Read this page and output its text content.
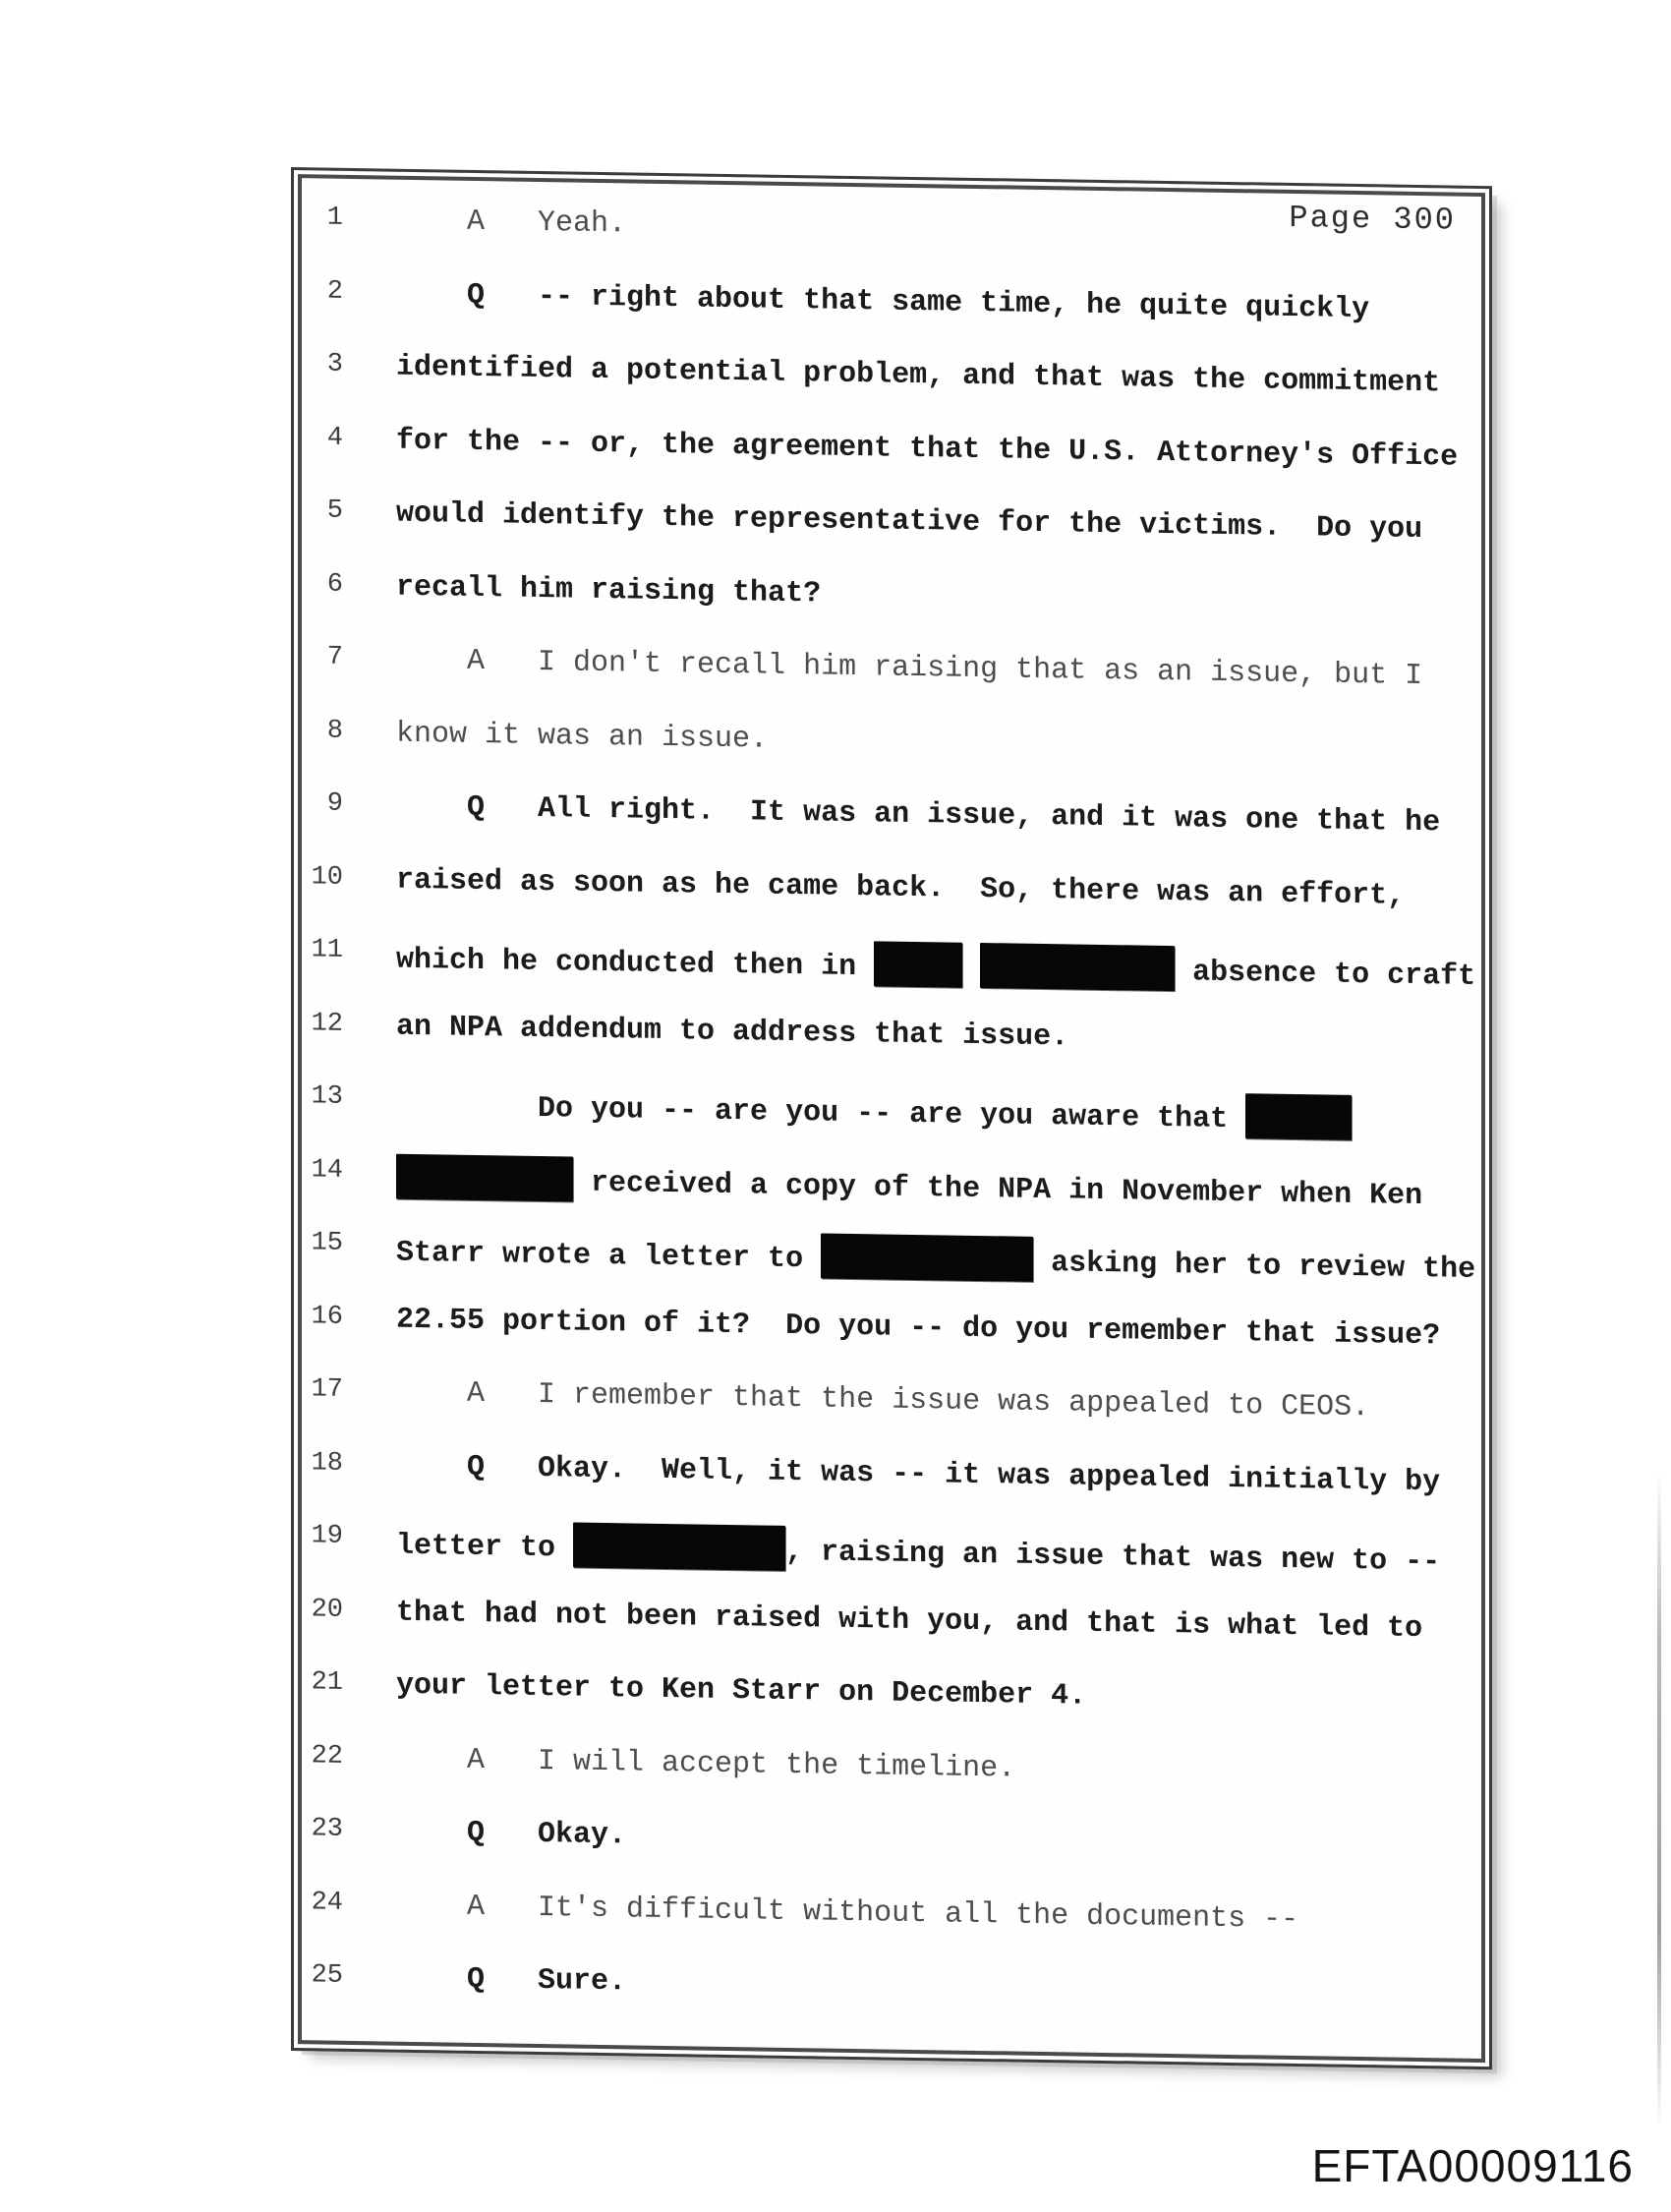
Page 300
1 A   Yeah.
2 Q   -- right about that same time, he quite quickly
3 identified a potential problem, and that was the commitment
4 for the -- or, the agreement that the U.S. Attorney's Office
5 would identify the representative for the victims.  Do you
6 recall him raising that?
7 A   I don't recall him raising that as an issue, but I
8 know it was an issue.
9 Q   All right.  It was an issue, and it was one that he
10 raised as soon as he came back.  So, there was an effort,
11 which he conducted then in	absence to craft
12 an NPA addendum to address that issue.
13 Do you -- are you -- are you aware that
14	received a copy of the NPA in November when Ken
15 Starr wrote a letter to	asking her to review the
16 22.55 portion of it?  Do you -- do you remember that issue?
17 A   I remember that the issue was appealed to CEOS.
18 Q   Okay.  Well, it was -- it was appealed initially by
19 letter to	, raising an issue that was new to --
20 that had not been raised with you, and that is what led to
21 your letter to Ken Starr on December 4.
22 A   I will accept the timeline.
23 Q   Okay.
24 A   It's difficult without all the documents --
25 Q   Sure.
EFTA00009116
